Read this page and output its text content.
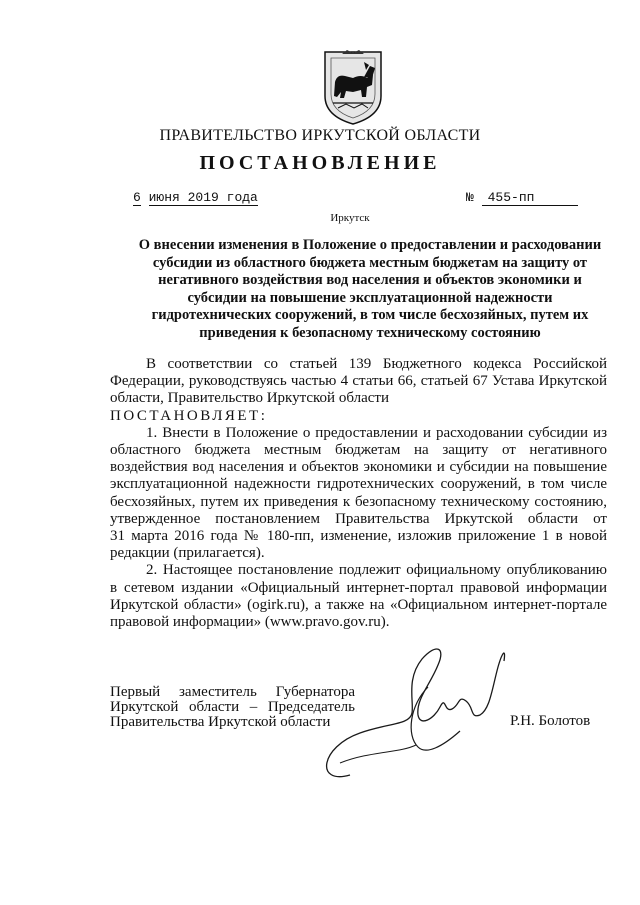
ПРАВИТЕЛЬСТВО ИРКУТСКОЙ ОБЛАСТИ
ПОСТАНОВЛЕНИЕ
6 июня 2019 года	№ 455-пп
Иркутск
О внесении изменения в Положение о предоставлении и расходовании
субсидии из областного бюджета местным бюджетам на защиту от
негативного воздействия вод населения и объектов экономики и
субсидии на повышение эксплуатационной надежности
гидротехнических сооружений, в том числе бесхозяйных, путем их
приведения к безопасному техническому состоянию

В соответствии со статьей 139 Бюджетного кодекса Российской

Федерации, руководствуясь частью 4 статьи 66, статьей 67 Устава Иркутской

области, Правительство Иркутской области

ПОСТАНОВЛЯЕТ:

1. Внести в Положение о предоставлении и расходовании субсидии из

областного бюджета местным бюджетам на защиту от негативного

воздействия вод населения и объектов экономики и субсидии на повышение

эксплуатационной надежности гидротехнических сооружений, в том числе

бесхозяйных, путем их приведения к безопасному техническому состоянию,

утвержденное постановлением Правительства Иркутской области от

31 марта 2016 года № 180-пп, изменение, изложив приложение 1 в новой

редакции (прилагается).

2. Настоящее постановление подлежит официальному опубликованию

в сетевом издании «Официальный интернет-портал правовой информации

Иркутской области» (ogirk.ru), а также на «Официальном интернет-портале

правовой информации» (www.pravo.gov.ru).

Первый заместитель Губернатора
Иркутской области – Председатель
Правительства Иркутской области	Р.Н. Болотов
